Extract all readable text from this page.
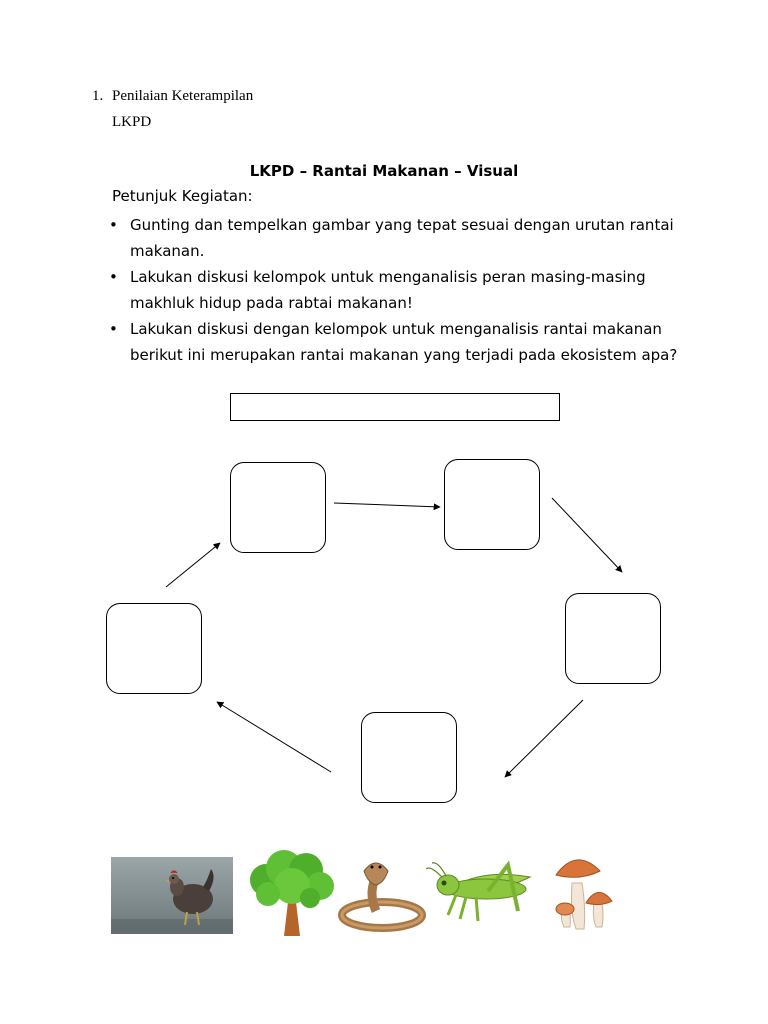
1. Penilaian Keterampilan
LKPD
LKPD – Rantai Makanan – Visual
Petunjuk Kegiatan:
• Gunting dan tempelkan gambar yang tepat sesuai dengan urutan rantai makanan.
• Lakukan diskusi kelompok untuk menganalisis peran masing-masing makhluk hidup pada rabtai makanan!
• Lakukan diskusi dengan kelompok untuk menganalisis rantai makanan berikut ini merupakan rantai makanan yang terjadi pada ekosistem apa?
